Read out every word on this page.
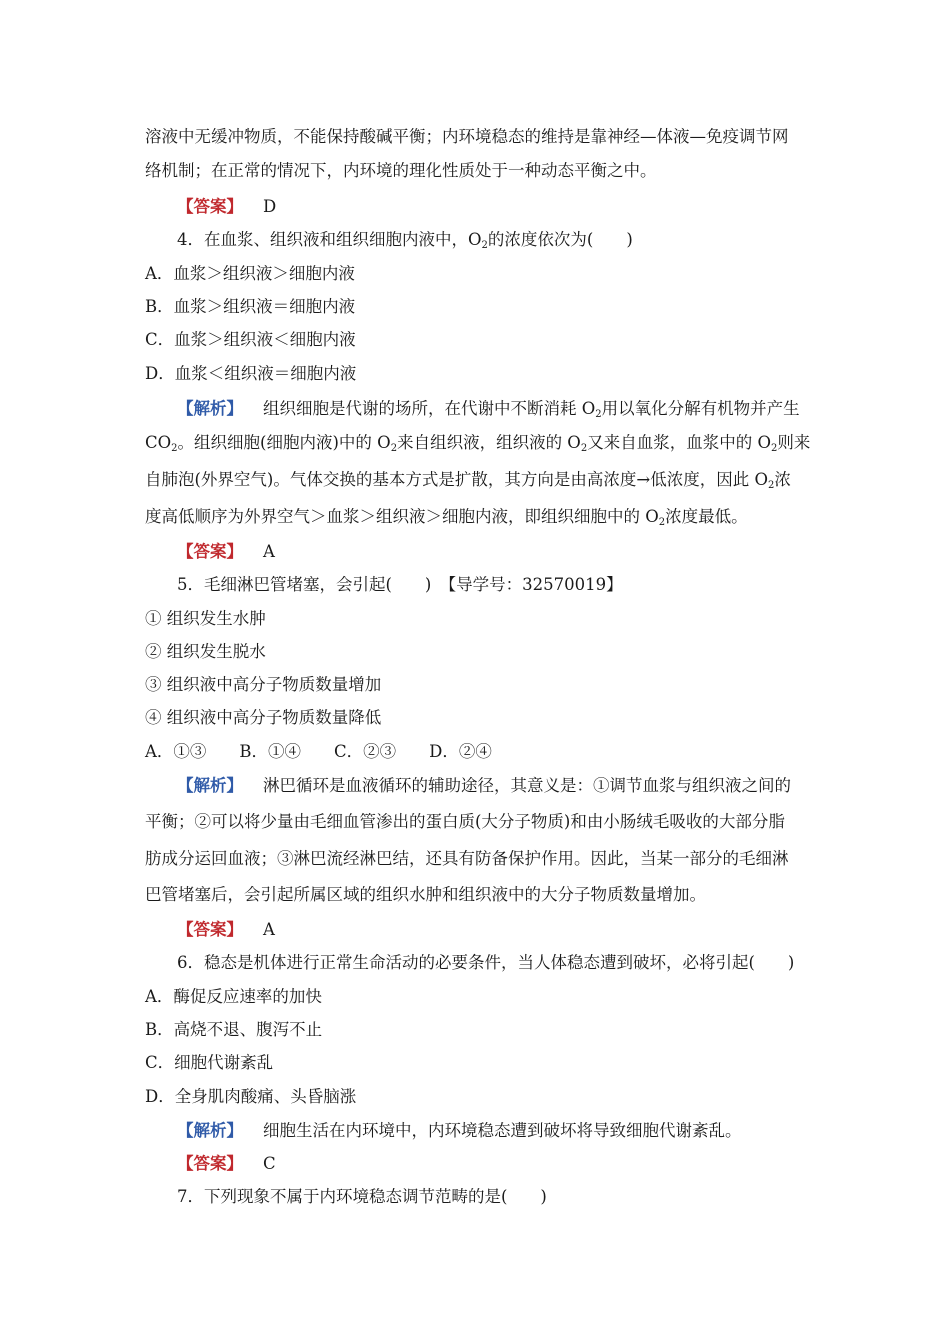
溶液中无缓冲物质，不能保持酸碱平衡；内环境稳态的维持是靠神经—体液—免疫调节网
络机制；在正常的情况下，内环境的理化性质处于一种动态平衡之中。
【答案】 D
4．在血浆、组织液和组织细胞内液中，$O_2$的浓度依次为(　　)
A．血浆＞组织液＞细胞内液
B．血浆＞组织液＝细胞内液
C．血浆＞组织液＜细胞内液
D．血浆＜组织液＝细胞内液
【解析】 组织细胞是代谢的场所，在代谢中不断消耗 $O_2$用以氧化分解有机物并产生
$CO_2$。组织细胞(细胞内液)中的 $O_2$来自组织液，组织液的 $O_2$又来自血浆，血浆中的 $O_2$则来
自肺泡(外界空气)。气体交换的基本方式是扩散，其方向是由高浓度→低浓度，因此 $O_2$浓
度高低顺序为外界空气＞血浆＞组织液＞细胞内液，即组织细胞中的 $O_2$浓度最低。
【答案】 A
5．毛细淋巴管堵塞，会引起(　　)　【导学号：32570019】
① 组织发生水肿
② 组织发生脱水
③ 组织液中高分子物质数量增加
④ 组织液中高分子物质数量降低
A．①③　　B．①④　　C．②③　　D．②④
【解析】 淋巴循环是血液循环的辅助途径，其意义是：①调节血浆与组织液之间的
平衡；②可以将少量由毛细血管渗出的蛋白质(大分子物质)和由小肠绒毛吸收的大部分脂
肪成分运回血液；③淋巴流经淋巴结，还具有防备保护作用。因此，当某一部分的毛细淋
巴管堵塞后，会引起所属区域的组织水肿和组织液中的大分子物质数量增加。
【答案】 A
6．稳态是机体进行正常生命活动的必要条件，当人体稳态遭到破坏，必将引起(　　)
A．酶促反应速率的加快
B．高烧不退、腹泻不止
C．细胞代谢紊乱
D．全身肌肉酸痛、头昏脑涨
【解析】 细胞生活在内环境中，内环境稳态遭到破坏将导致细胞代谢紊乱。
【答案】 C
7．下列现象不属于内环境稳态调节范畴的是(　　)
